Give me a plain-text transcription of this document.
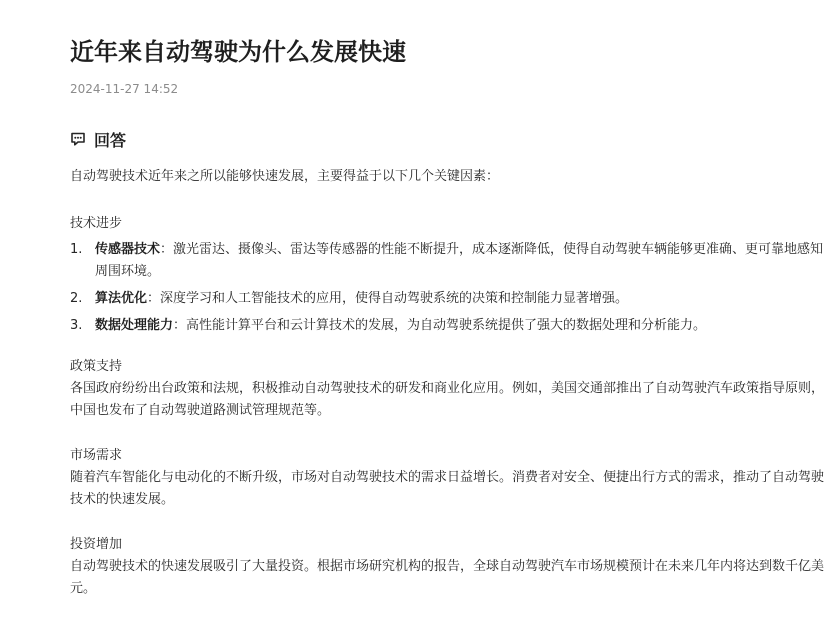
近年来自动驾驶为什么发展快速
2024-11-27 14:52
回答

自动驾驶技术近年来之所以能够快速发展，主要得益于以下几个关键因素：

技术进步

1. 传感器技术：激光雷达、摄像头、雷达等传感器的性能不断提升，成本逐渐降低，使得自动驾驶车辆能够更准确、更可靠地感知周围环境。
2. 算法优化：深度学习和人工智能技术的应用，使得自动驾驶系统的决策和控制能力显著增强。
3. 数据处理能力：高性能计算平台和云计算技术的发展，为自动驾驶系统提供了强大的数据处理和分析能力。

政策支持

各国政府纷纷出台政策和法规，积极推动自动驾驶技术的研发和商业化应用。例如，美国交通部推出了自动驾驶汽车政策指导原则，中国也发布了自动驾驶道路测试管理规范等。

市场需求

随着汽车智能化与电动化的不断升级，市场对自动驾驶技术的需求日益增长。消费者对安全、便捷出行方式的需求，推动了自动驾驶技术的快速发展。

投资增加

自动驾驶技术的快速发展吸引了大量投资。根据市场研究机构的报告，全球自动驾驶汽车市场规模预计在未来几年内将达到数千亿美元。
